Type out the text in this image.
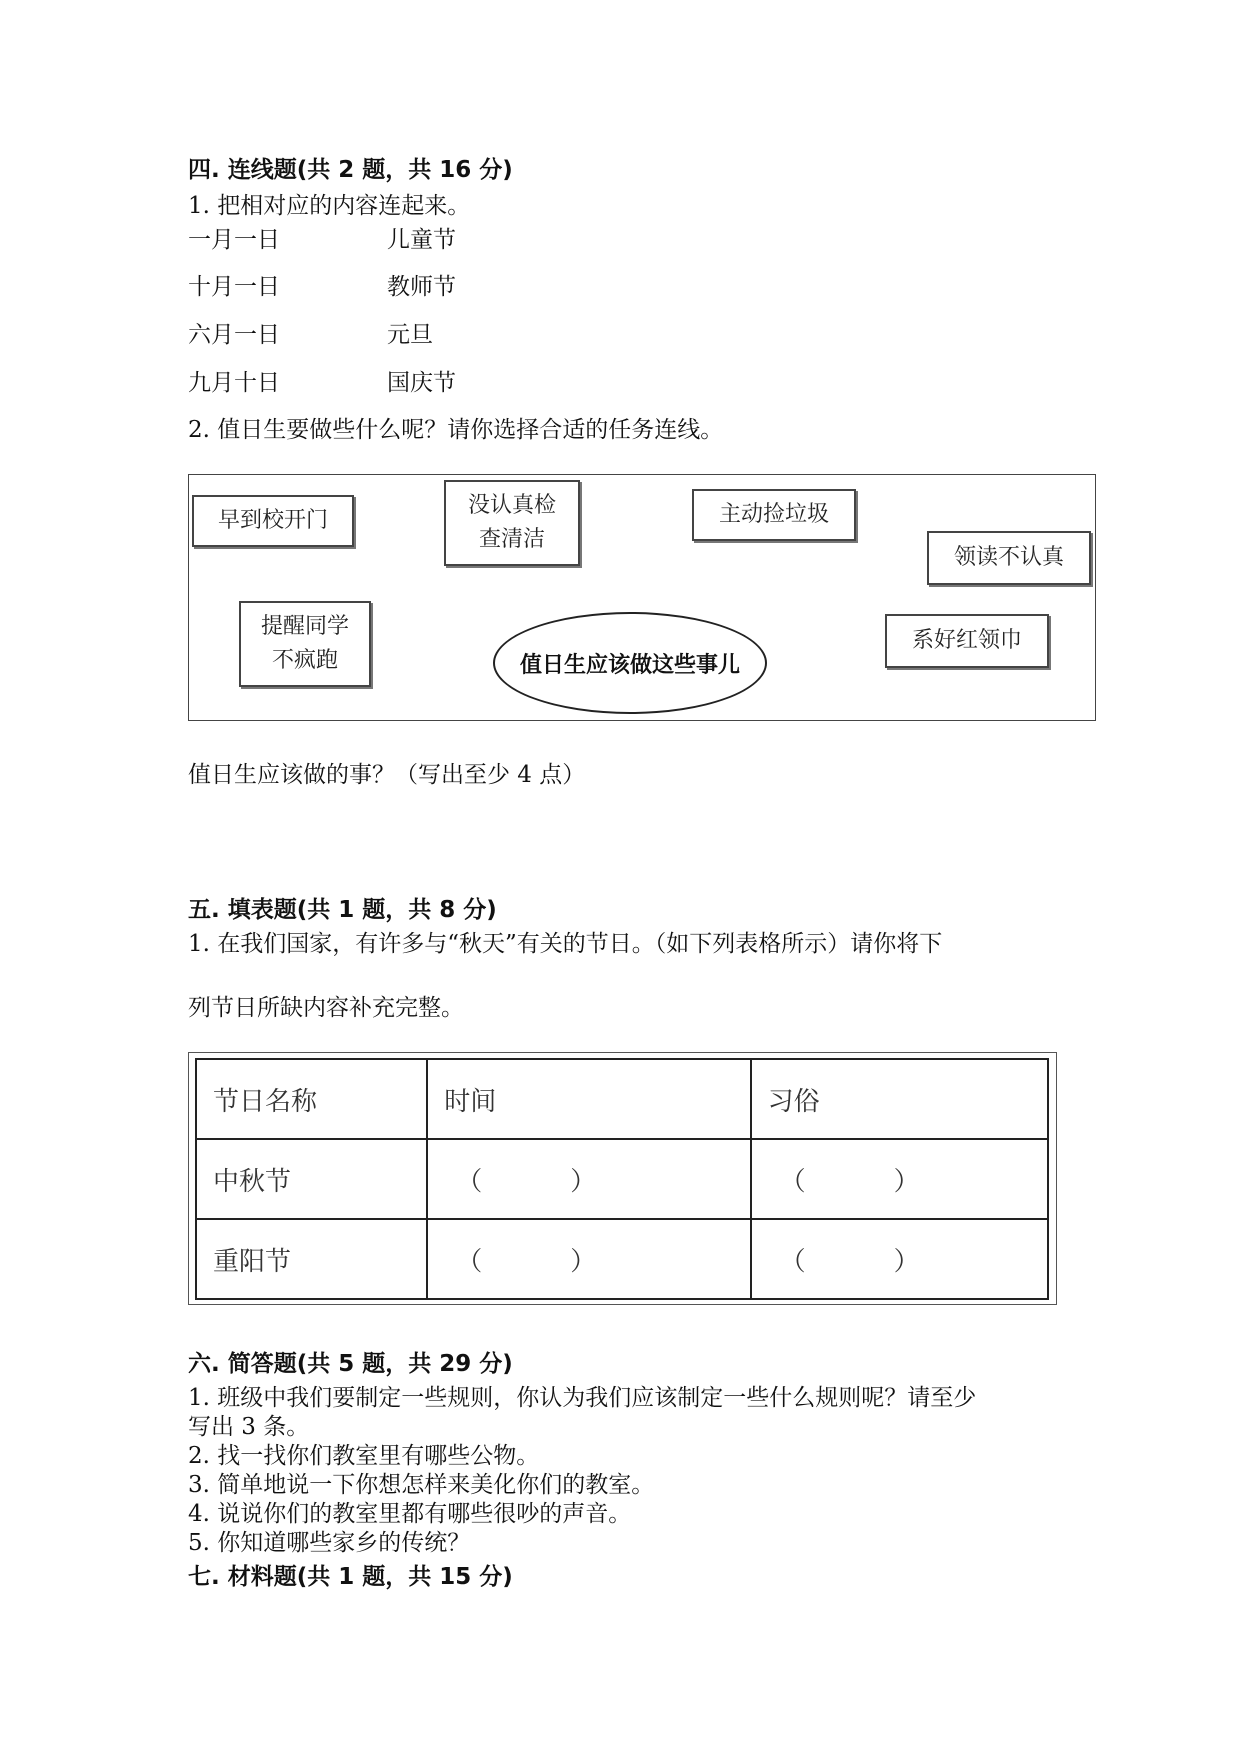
四. 连线题(共 2 题，共 16 分)
1. 把相对应的内容连起来。
一月一日	儿童节
十月一日	教师节
六月一日	元旦
九月十日	国庆节
2. 值日生要做些什么呢？请你选择合适的任务连线。
早到校开门
没认真检
查清洁
主动捡垃圾
领读不认真
提醒同学
不疯跑
系好红领巾
值日生应该做这些事儿
值日生应该做的事？（写出至少 4 点）
五. 填表题(共 1 题，共 8 分)
1. 在我们国家，有许多与“秋天”有关的节日。（如下列表格所示）请你将下
列节日所缺内容补充完整。
节日名称	时间	习俗
中秋节	（ ）	（ ）
重阳节	（ ）	（ ）
六. 简答题(共 5 题，共 29 分)
1. 班级中我们要制定一些规则，你认为我们应该制定一些什么规则呢？请至少
写出 3 条。
2. 找一找你们教室里有哪些公物。
3. 简单地说一下你想怎样来美化你们的教室。
4. 说说你们的教室里都有哪些很吵的声音。
5. 你知道哪些家乡的传统？
七. 材料题(共 1 题，共 15 分)
